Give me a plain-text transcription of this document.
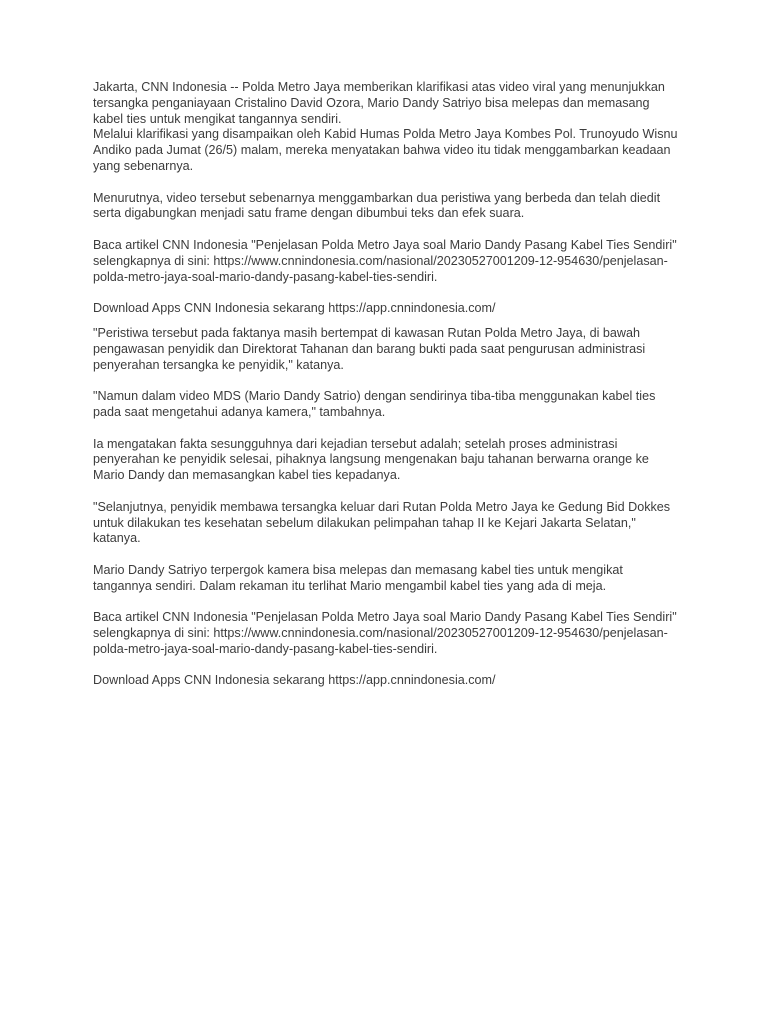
Jakarta, CNN Indonesia -- Polda Metro Jaya memberikan klarifikasi atas video viral yang menunjukkan tersangka penganiayaan Cristalino David Ozora, Mario Dandy Satriyo bisa melepas dan memasang kabel ties untuk mengikat tangannya sendiri.

Melalui klarifikasi yang disampaikan oleh Kabid Humas Polda Metro Jaya Kombes Pol. Trunoyudo Wisnu Andiko pada Jumat (26/5) malam, mereka menyatakan bahwa video itu tidak menggambarkan keadaan yang sebenarnya.

Menurutnya, video tersebut sebenarnya menggambarkan dua peristiwa yang berbeda dan telah diedit serta digabungkan menjadi satu frame dengan dibumbui teks dan efek suara.

Baca artikel CNN Indonesia "Penjelasan Polda Metro Jaya soal Mario Dandy Pasang Kabel Ties Sendiri" selengkapnya di sini: https://www.cnnindonesia.com/nasional/20230527001209-12-954630/penjelasan-polda-metro-jaya-soal-mario-dandy-pasang-kabel-ties-sendiri.

Download Apps CNN Indonesia sekarang https://app.cnnindonesia.com/

"Peristiwa tersebut pada faktanya masih bertempat di kawasan Rutan Polda Metro Jaya, di bawah pengawasan penyidik dan Direktorat Tahanan dan barang bukti pada saat pengurusan administrasi penyerahan tersangka ke penyidik," katanya.

"Namun dalam video MDS (Mario Dandy Satrio) dengan sendirinya tiba-tiba menggunakan kabel ties pada saat mengetahui adanya kamera," tambahnya.

Ia mengatakan fakta sesungguhnya dari kejadian tersebut adalah; setelah proses administrasi penyerahan ke penyidik selesai, pihaknya langsung mengenakan baju tahanan berwarna orange ke Mario Dandy dan memasangkan kabel ties kepadanya.

"Selanjutnya, penyidik membawa tersangka keluar dari Rutan Polda Metro Jaya ke Gedung Bid Dokkes untuk dilakukan tes kesehatan sebelum dilakukan pelimpahan tahap II ke Kejari Jakarta Selatan," katanya.

Mario Dandy Satriyo terpergok kamera bisa melepas dan memasang kabel ties untuk mengikat tangannya sendiri. Dalam rekaman itu terlihat Mario mengambil kabel ties yang ada di meja.

Baca artikel CNN Indonesia "Penjelasan Polda Metro Jaya soal Mario Dandy Pasang Kabel Ties Sendiri" selengkapnya di sini: https://www.cnnindonesia.com/nasional/20230527001209-12-954630/penjelasan-polda-metro-jaya-soal-mario-dandy-pasang-kabel-ties-sendiri.

Download Apps CNN Indonesia sekarang https://app.cnnindonesia.com/
